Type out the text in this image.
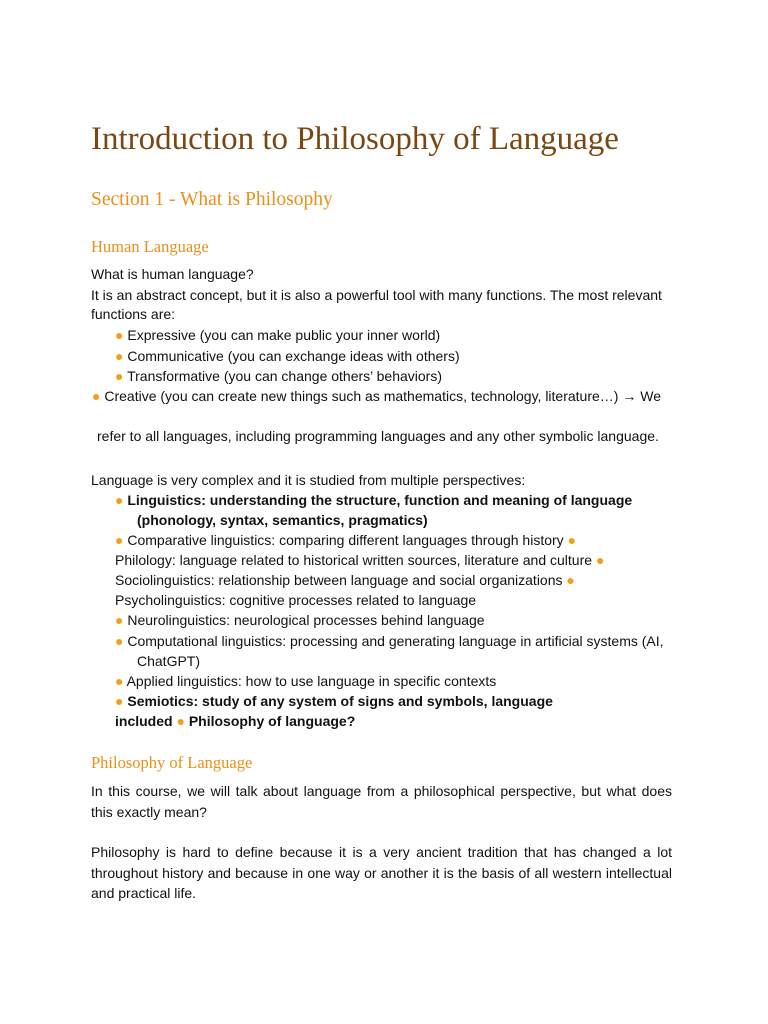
Introduction to Philosophy of Language
Section 1 - What is Philosophy
Human Language
What is human language?
It is an abstract concept, but it is also a powerful tool with many functions. The most relevant
functions are:
● Expressive (you can make public your inner world)
● Communicative (you can exchange ideas with others)
● Transformative (you can change others’ behaviors)
● Creative (you can create new things such as mathematics, technology, literature…) → We
refer to all languages, including programming languages and any other symbolic language.
Language is very complex and it is studied from multiple perspectives:
● Linguistics: understanding the structure, function and meaning of language
(phonology, syntax, semantics, pragmatics)
● Comparative linguistics: comparing different languages through history ●
Philology: language related to historical written sources, literature and culture ●
Sociolinguistics: relationship between language and social organizations ●
Psycholinguistics: cognitive processes related to language
● Neurolinguistics: neurological processes behind language
● Computational linguistics: processing and generating language in artificial systems (AI,
ChatGPT)
● Applied linguistics: how to use language in specific contexts
● Semiotics: study of any system of signs and symbols, language
included ● Philosophy of language?
Philosophy of Language
In this course, we will talk about language from a philosophical perspective, but what does this exactly mean?
Philosophy is hard to define because it is a very ancient tradition that has changed a lot throughout history and because in one way or another it is the basis of all western intellectual and practical life.
